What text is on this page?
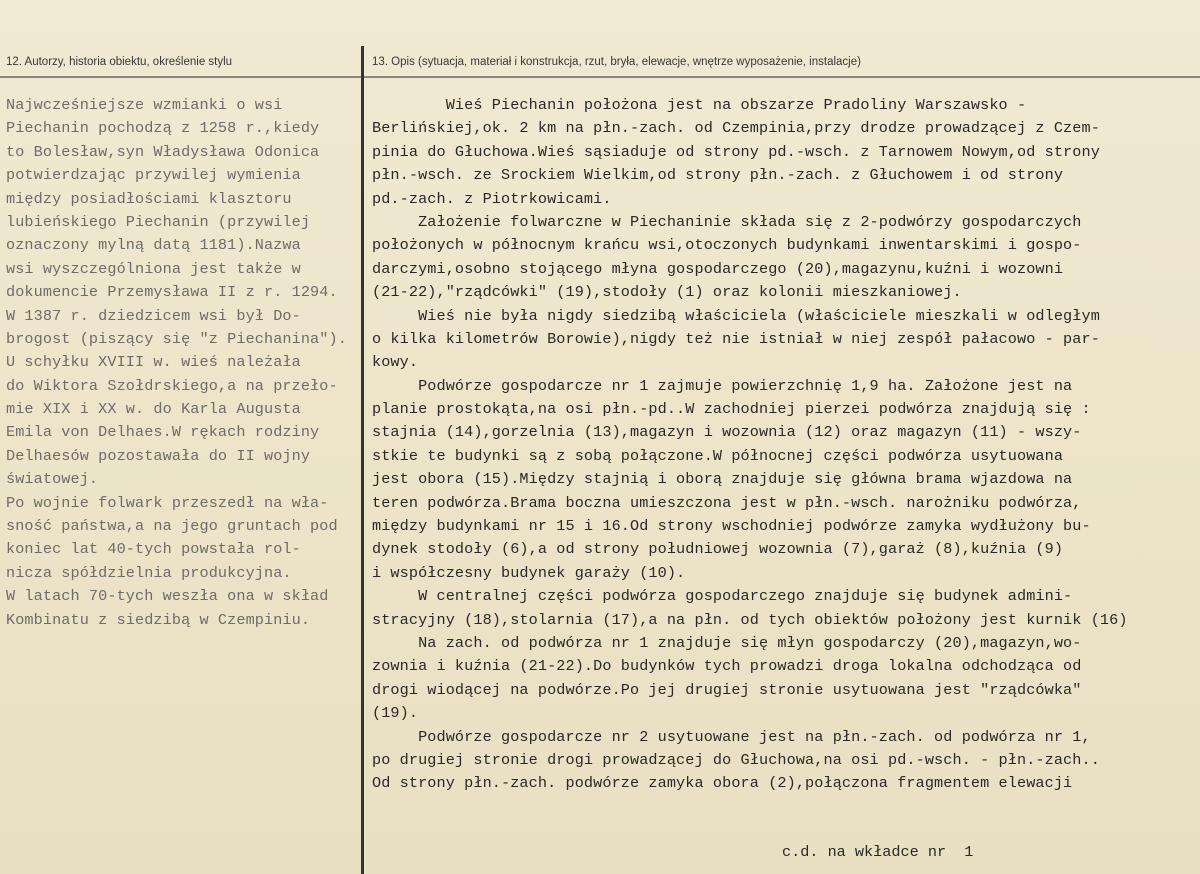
12. Autorzy, historia obiektu, określenie stylu	13. Opis (sytuacja, materiał i konstrukcja, rzut, bryła, elewacje, wnętrze wyposażenie, instalacje)
Najwcześniejsze wzmianki o wsi
Piechanin pochodzą z 1258 r.,kiedy
to Bolesław,syn Władysława Odonica
potwierdzając przywilej wymienia
między posiadłościami klasztoru
lubieńskiego Piechanin (przywilej
oznaczony mylną datą 1181).Nazwa
wsi wyszczególniona jest także w
dokumencie Przemysława II z r. 1294.
W 1387 r. dziedzicem wsi był Do-
brogost (piszący się "z Piechanina").
U schyłku XVIII w. wieś należała
do Wiktora Szołdrskiego,a na przeło-
mie XIX i XX w. do Karla Augusta
Emila von Delhaes.W rękach rodziny
Delhaesów pozostawała do II wojny
światowej.
Po wojnie folwark przeszedł na wła-
sność państwa,a na jego gruntach pod
koniec lat 40-tych powstała rol-
nicza spółdzielnia produkcyjna.
W latach 70-tych weszła ona w skład
Kombinatu z siedzibą w Czempiniu.
Wieś Piechanin położona jest na obszarze Pradoliny Warszawsko -
Berlińskiej,ok. 2 km na płn.-zach. od Czempinia,przy drodze prowadzącej z Czem-
pinia do Głuchowa.Wieś sąsiaduje od strony pd.-wsch. z Tarnowem Nowym,od strony
płn.-wsch. ze Srockiem Wielkim,od strony płn.-zach. z Głuchowem i od strony
pd.-zach. z Piotrkowicami.
Założenie folwarczne w Piechaninie składa się z 2-podwórzy gospodarczych
położonych w północnym krańcu wsi,otoczonych budynkami inwentarskimi i gospo-
darczymi,osobno stojącego młyna gospodarczego (20),magazynu,kuźni i wozowni
(21-22),"rządcówki" (19),stodoły (1) oraz kolonii mieszkaniowej.
Wieś nie była nigdy siedzibą właściciela (właściciele mieszkali w odległym
o kilka kilometrów Borowie),nigdy też nie istniał w niej zespół pałacowo - par-
kowy.
Podwórze gospodarcze nr 1 zajmuje powierzchnię 1,9 ha. Założone jest na
planie prostokąta,na osi płn.-pd..W zachodniej pierzei podwórza znajdują się :
stajnia (14),gorzelnia (13),magazyn i wozownia (12) oraz magazyn (11) - wszy-
stkie te budynki są z sobą połączone.W północnej części podwórza usytuowana
jest obora (15).Między stajnią i oborą znajduje się główna brama wjazdowa na
teren podwórza.Brama boczna umieszczona jest w płn.-wsch. narożniku podwórza,
między budynkami nr 15 i 16.Od strony wschodniej podwórze zamyka wydłużony bu-
dynek stodoły (6),a od strony południowej wozownia (7),garaż (8),kuźnia (9)
i współczesny budynek garaży (10).
W centralnej części podwórza gospodarczego znajduje się budynek admini-
stracyjny (18),stolarnia (17),a na płn. od tych obiektów położony jest kurnik (16)
Na zach. od podwórza nr 1 znajduje się młyn gospodarczy (20),magazyn,wo-
zownia i kuźnia (21-22).Do budynków tych prowadzi droga lokalna odchodząca od
drogi wiodącej na podwórze.Po jej drugiej stronie usytuowana jest "rządcówka"
(19).
Podwórze gospodarcze nr 2 usytuowane jest na płn.-zach. od podwórza nr 1,
po drugiej stronie drogi prowadzącej do Głuchowa,na osi pd.-wsch. - płn.-zach..
Od strony płn.-zach. podwórze zamyka obora (2),połączona fragmentem elewacji
c.d. na wkładce nr  1
